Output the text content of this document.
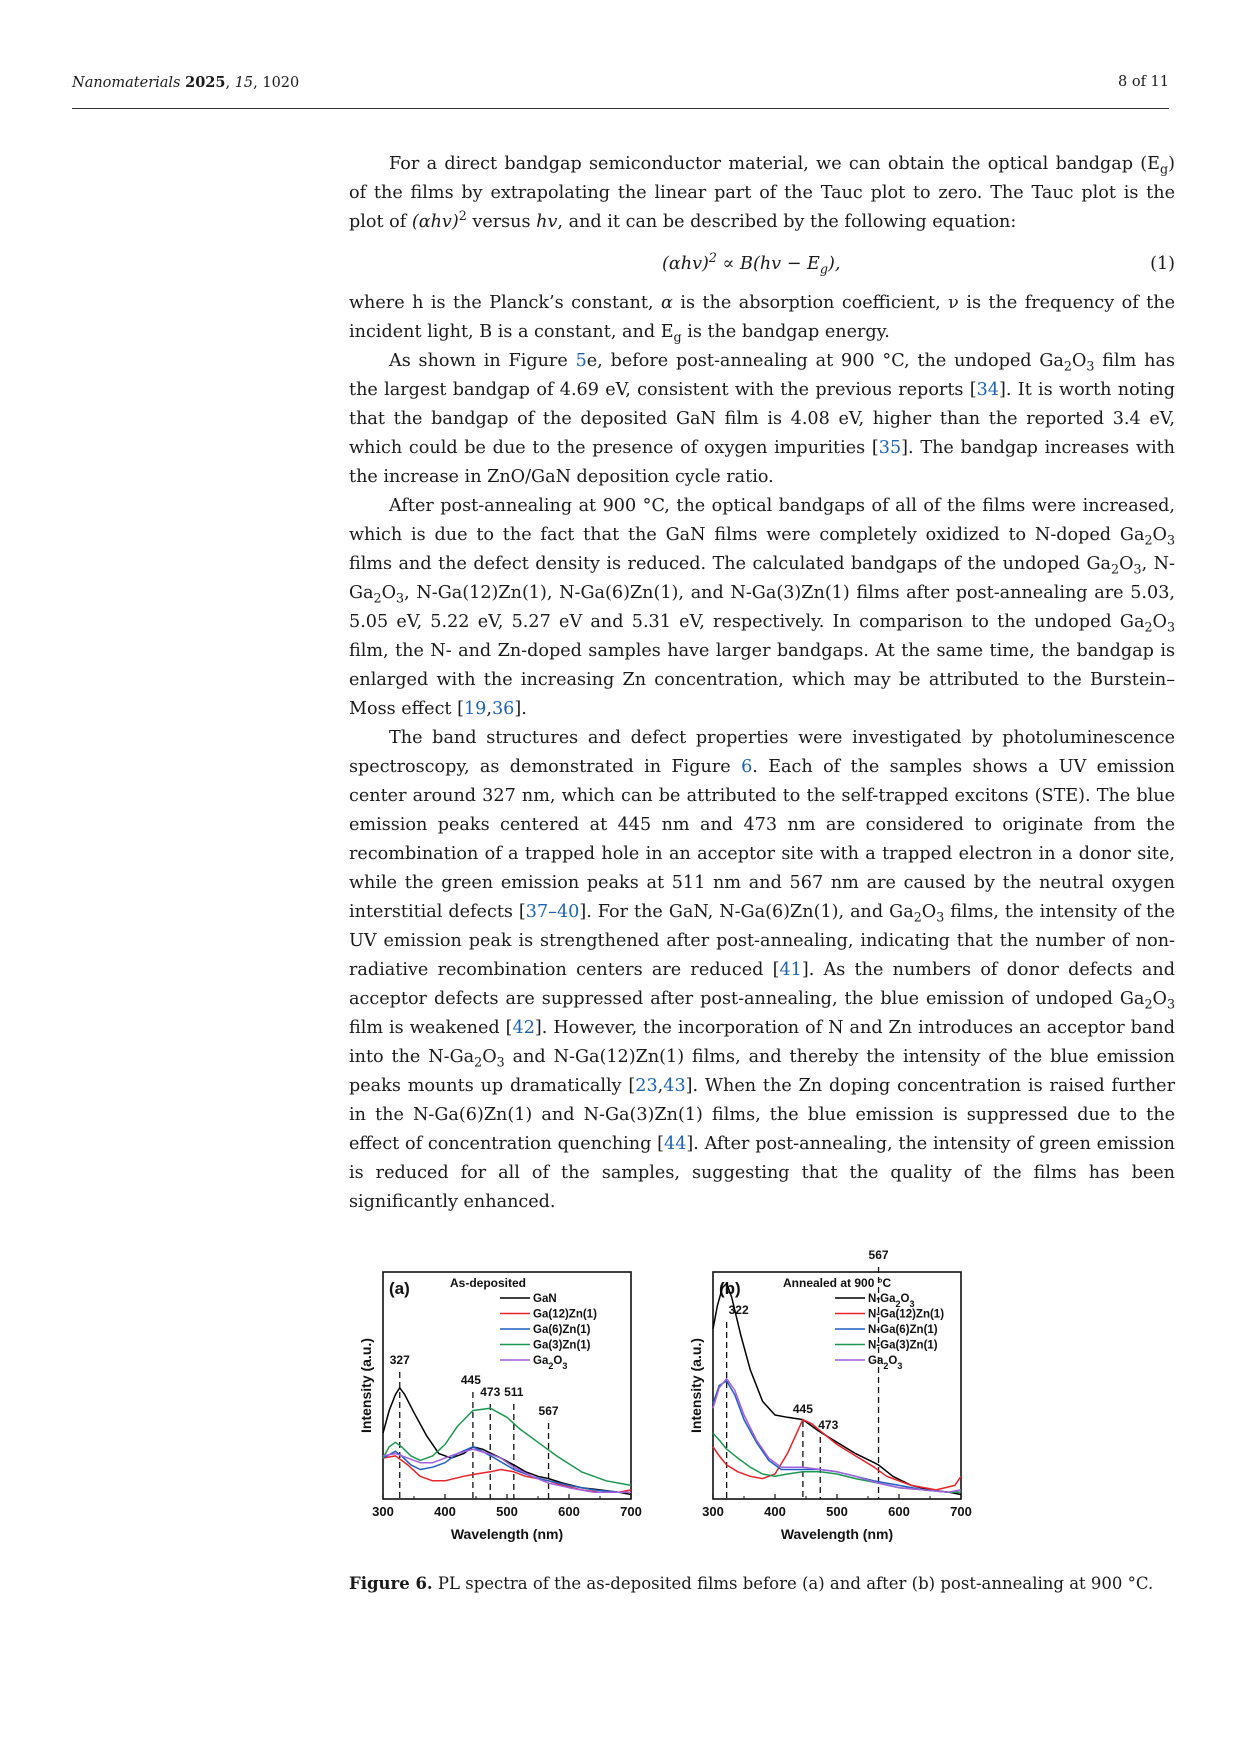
Nanomaterials 2025, 15, 1020	8 of 11

For a direct bandgap semiconductor material, we can obtain the optical bandgap $(E_g)$ of the films by extrapolating the linear part of the Tauc plot to zero. The Tauc plot is the plot of $(\alpha hv)^2$ versus hv, and it can be described by the following equation:

$(\alpha hv)^2 \propto B(hv - E_g)$,	(1)

where h is the Planck’s constant, α is the absorption coefficient, ν is the frequency of the incident light, B is a constant, and $E_g$ is the bandgap energy.

As shown in Figure 5e, before post-annealing at 900 °C, the undoped $Ga_2O_3$ film has the largest bandgap of 4.69 eV, consistent with the previous reports [34]. It is worth noting that the bandgap of the deposited GaN film is 4.08 eV, higher than the reported 3.4 eV, which could be due to the presence of oxygen impurities [35]. The bandgap increases with the increase in ZnO/GaN deposition cycle ratio.

After post-annealing at 900 °C, the optical bandgaps of all of the films were increased, which is due to the fact that the GaN films were completely oxidized to N-doped $Ga_2O_3$ films and the defect density is reduced. The calculated bandgaps of the undoped $Ga_2O_3$, $N-Ga_2O_3$, N-Ga(12)Zn(1), N-Ga(6)Zn(1), and N-Ga(3)Zn(1) films after post-annealing are 5.03, 5.05 eV, 5.22 eV, 5.27 eV and 5.31 eV, respectively. In comparison to the undoped $Ga_2O_3$ film, the N- and Zn-doped samples have larger bandgaps. At the same time, the bandgap is enlarged with the increasing Zn concentration, which may be attributed to the Burstein–Moss effect [19,36].

The band structures and defect properties were investigated by photoluminescence spectroscopy, as demonstrated in Figure 6. Each of the samples shows a UV emission center around 327 nm, which can be attributed to the self-trapped excitons (STE). The blue emission peaks centered at 445 nm and 473 nm are considered to originate from the recombination of a trapped hole in an acceptor site with a trapped electron in a donor site, while the green emission peaks at 511 nm and 567 nm are caused by the neutral oxygen interstitial defects [37–40]. For the GaN, N-Ga(6)Zn(1), and $Ga_2O_3$ films, the intensity of the UV emission peak is strengthened after post-annealing, indicating that the number of non-radiative recombination centers are reduced [41]. As the numbers of donor defects and acceptor defects are suppressed after post-annealing, the blue emission of undoped $Ga_2O_3$ film is weakened [42]. However, the incorporation of N and Zn introduces an acceptor band into the $N-Ga_2O_3$ and N-Ga(12)Zn(1) films, and thereby the intensity of the blue emission peaks mounts up dramatically [23,43]. When the Zn doping concentration is raised further in the N-Ga(6)Zn(1) and N-Ga(3)Zn(1) films, the blue emission is suppressed due to the effect of concentration quenching [44]. After post-annealing, the intensity of green emission is reduced for all of the samples, suggesting that the quality of the films has been significantly enhanced.

300	400	500	600	700
Wavelength (nm)
Intensity (a.u.)
(a)	As-deposited
327
445
473 511
567
GaN
Ga(12)Zn(1)
Ga(6)Zn(1)
Ga(3)Zn(1)
$Ga_2O_3$
300	400	500	600	700
Wavelength (nm)
Intensity (a.u.)
(b)	Annealed at 900 °C
322
445
473
567
$N-Ga_2O_3$
N-Ga(12)Zn(1)
N-Ga(6)Zn(1)
N-Ga(3)Zn(1)
$Ga_2O_3$
Figure 6. PL spectra of the as-deposited films before (a) and after (b) post-annealing at 900 °C.
